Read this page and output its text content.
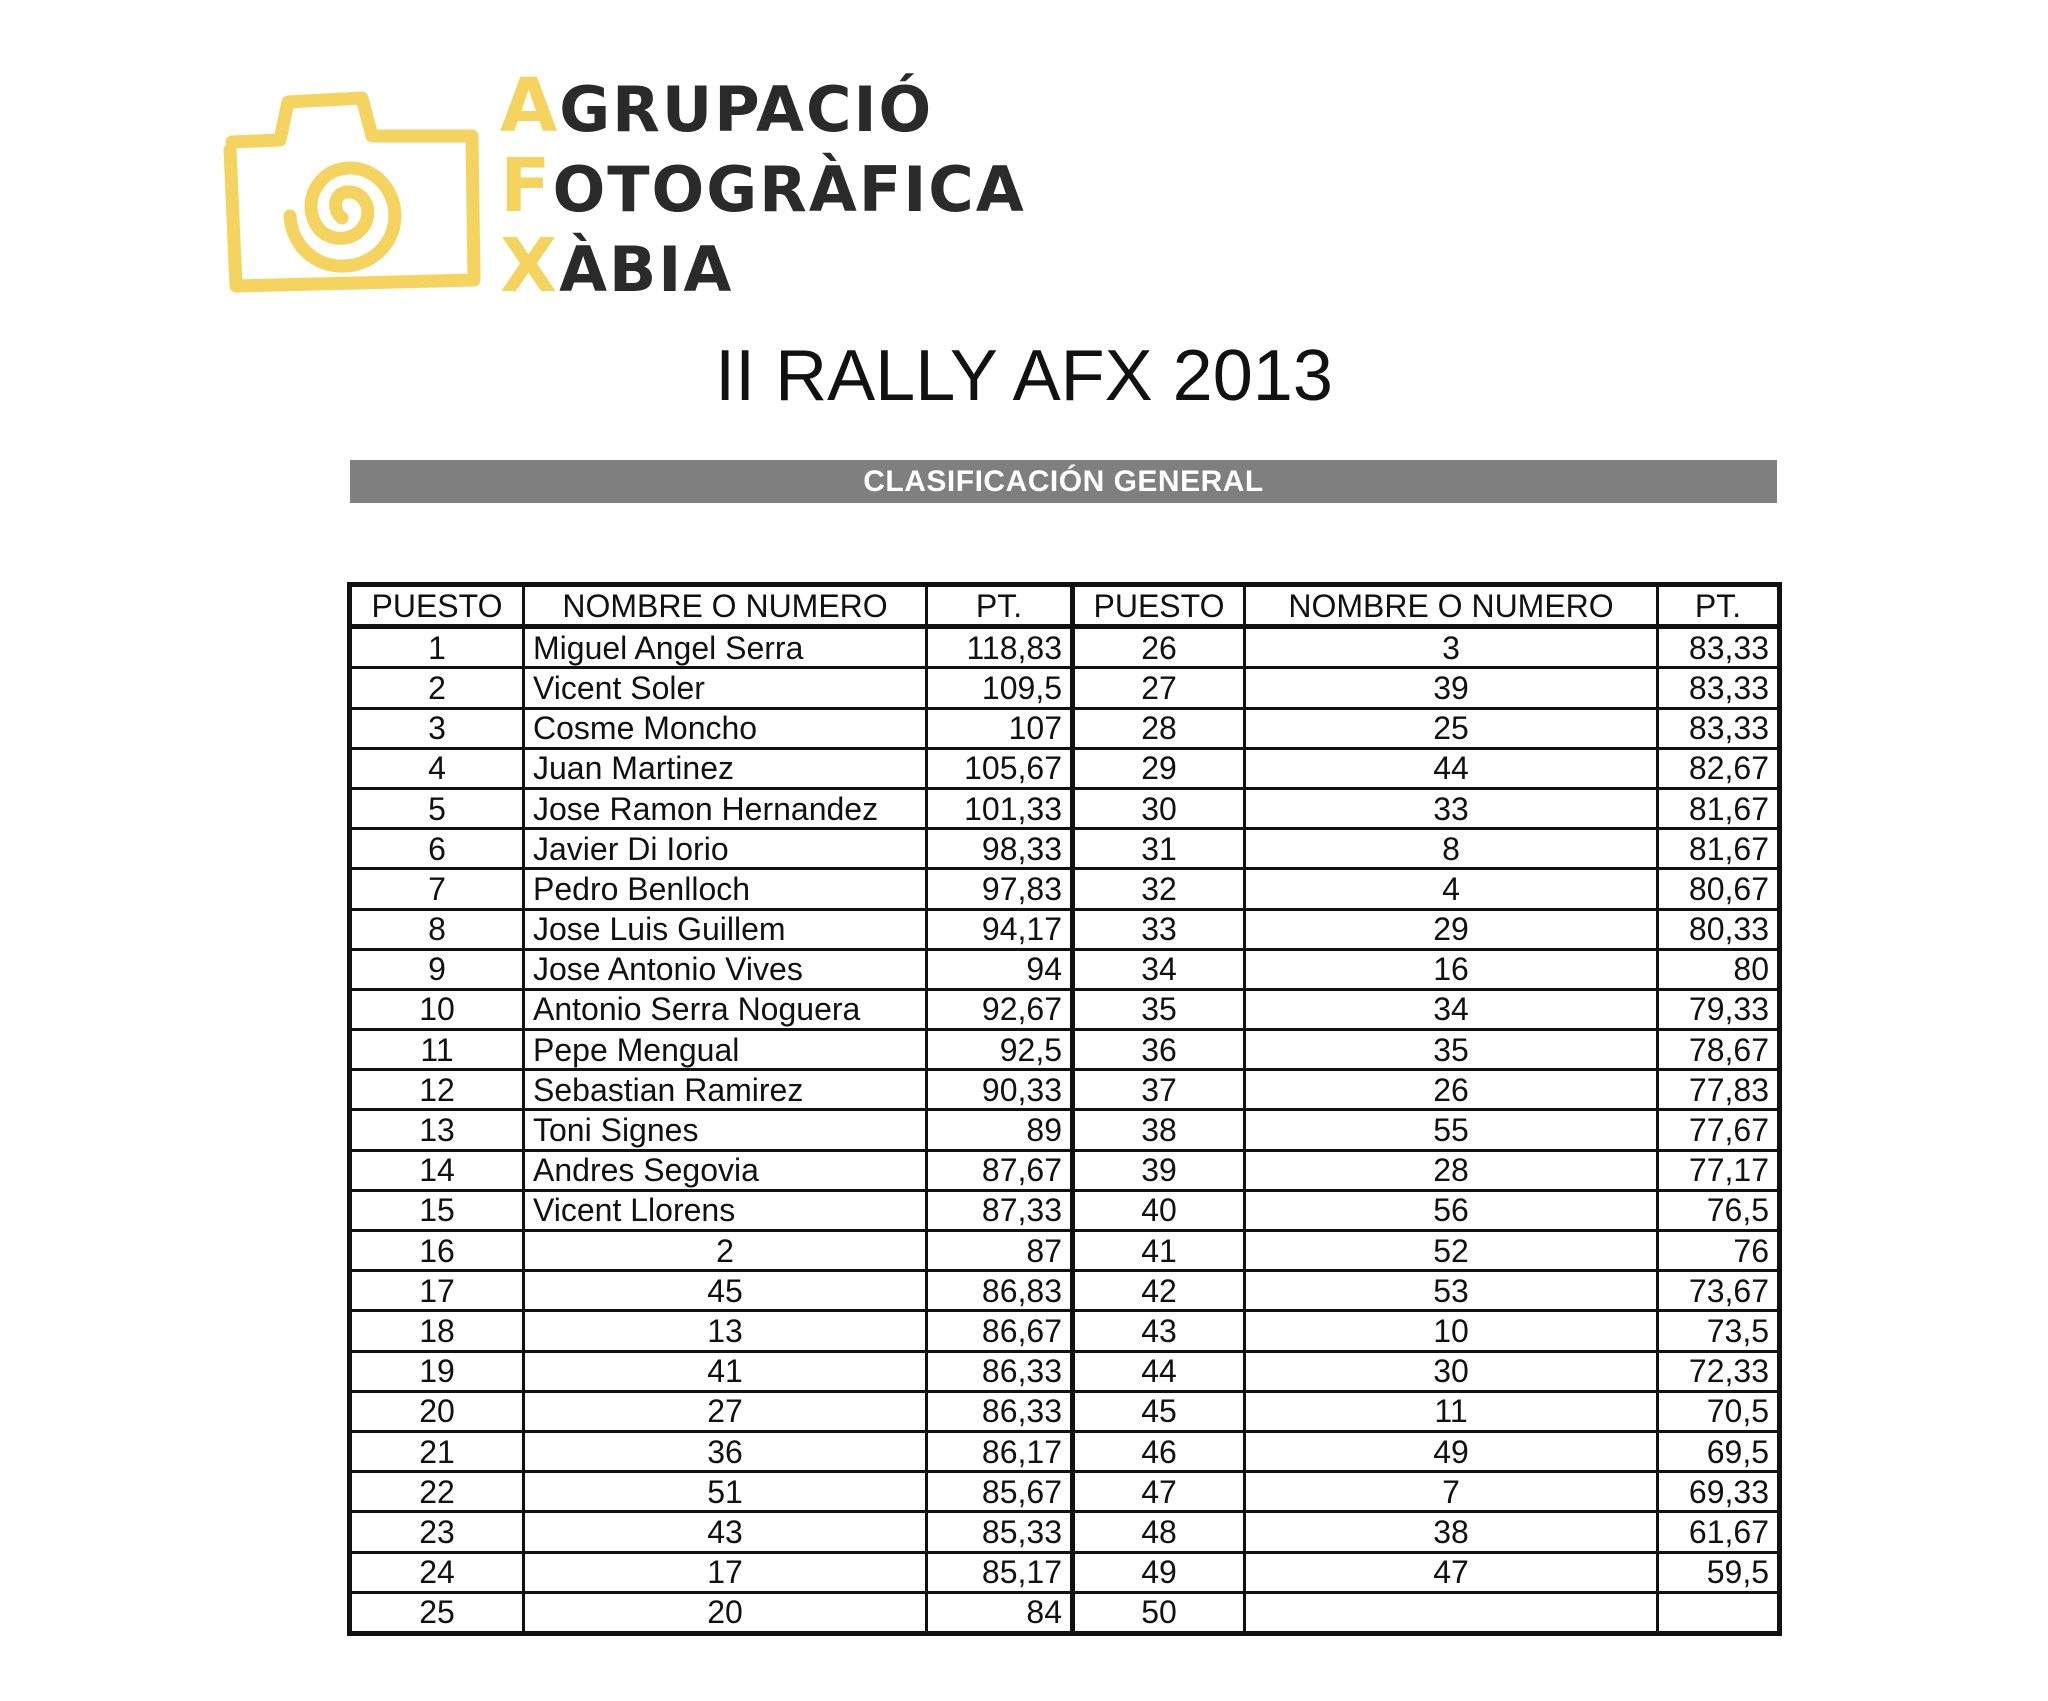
AGRUPACIÓ
FOTOGRÀFICA
XÀBIA
II RALLY AFX 2013
CLASIFICACIÓN GENERAL
PUESTO	NOMBRE O NUMERO	PT.	PUESTO	NOMBRE O NUMERO	PT.
1	Miguel Angel Serra	118,83	26	3	83,33
2	Vicent Soler	109,5	27	39	83,33
3	Cosme Moncho	107	28	25	83,33
4	Juan Martinez	105,67	29	44	82,67
5	Jose Ramon Hernandez	101,33	30	33	81,67
6	Javier Di Iorio	98,33	31	8	81,67
7	Pedro Benlloch	97,83	32	4	80,67
8	Jose Luis Guillem	94,17	33	29	80,33
9	Jose Antonio Vives	94	34	16	80
10	Antonio Serra Noguera	92,67	35	34	79,33
11	Pepe Mengual	92,5	36	35	78,67
12	Sebastian Ramirez	90,33	37	26	77,83
13	Toni Signes	89	38	55	77,67
14	Andres Segovia	87,67	39	28	77,17
15	Vicent Llorens	87,33	40	56	76,5
16	2	87	41	52	76
17	45	86,83	42	53	73,67
18	13	86,67	43	10	73,5
19	41	86,33	44	30	72,33
20	27	86,33	45	11	70,5
21	36	86,17	46	49	69,5
22	51	85,67	47	7	69,33
23	43	85,33	48	38	61,67
24	17	85,17	49	47	59,5
25	20	84	50		
